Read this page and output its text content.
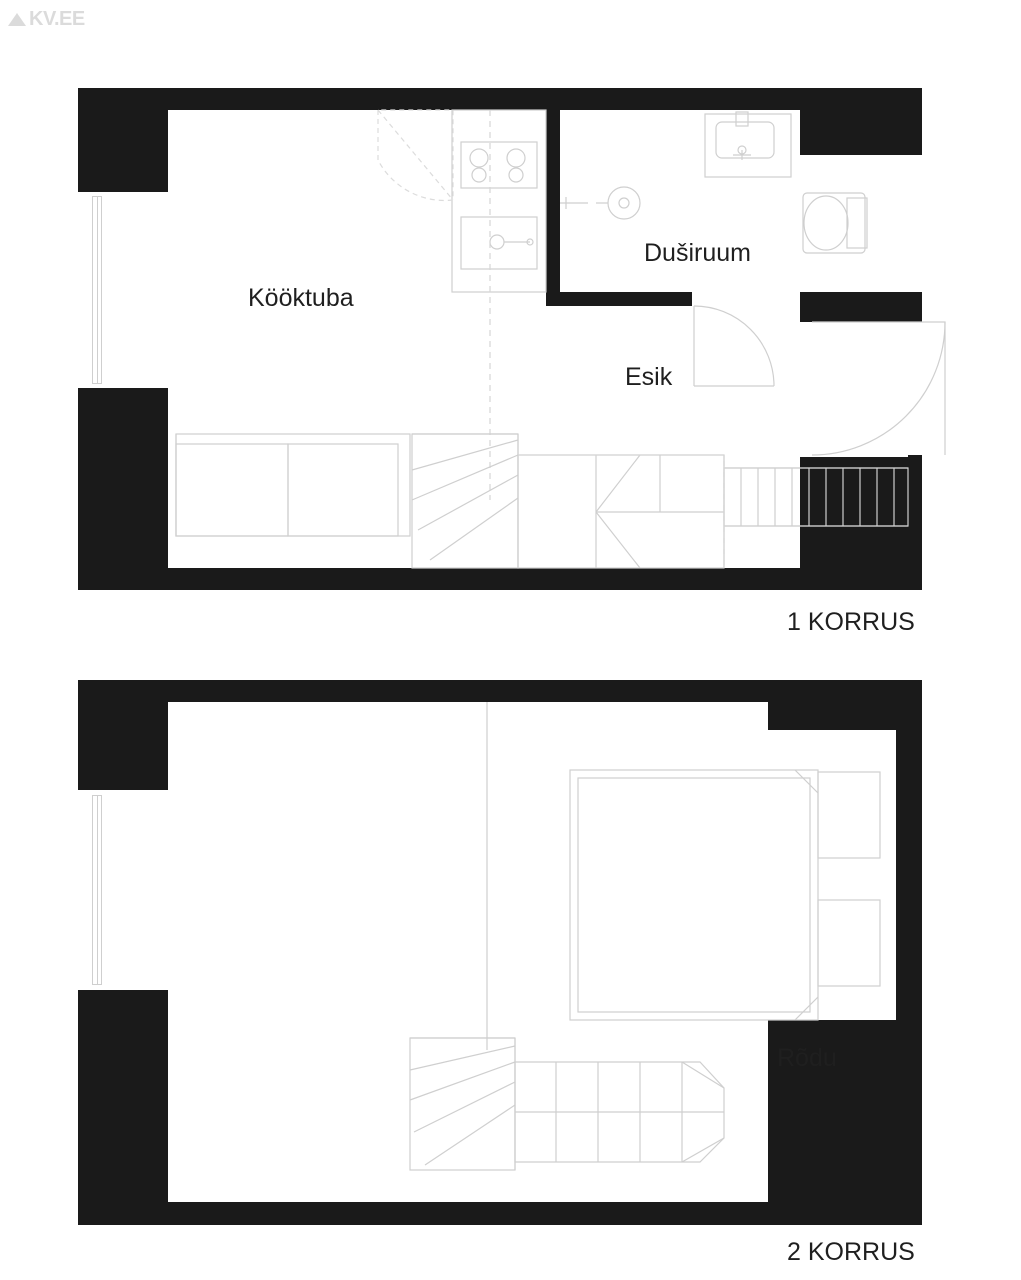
KV.EE
Kööktuba
Duširuum
Esik
1 KORRUS
Rõdu
2 KORRUS
